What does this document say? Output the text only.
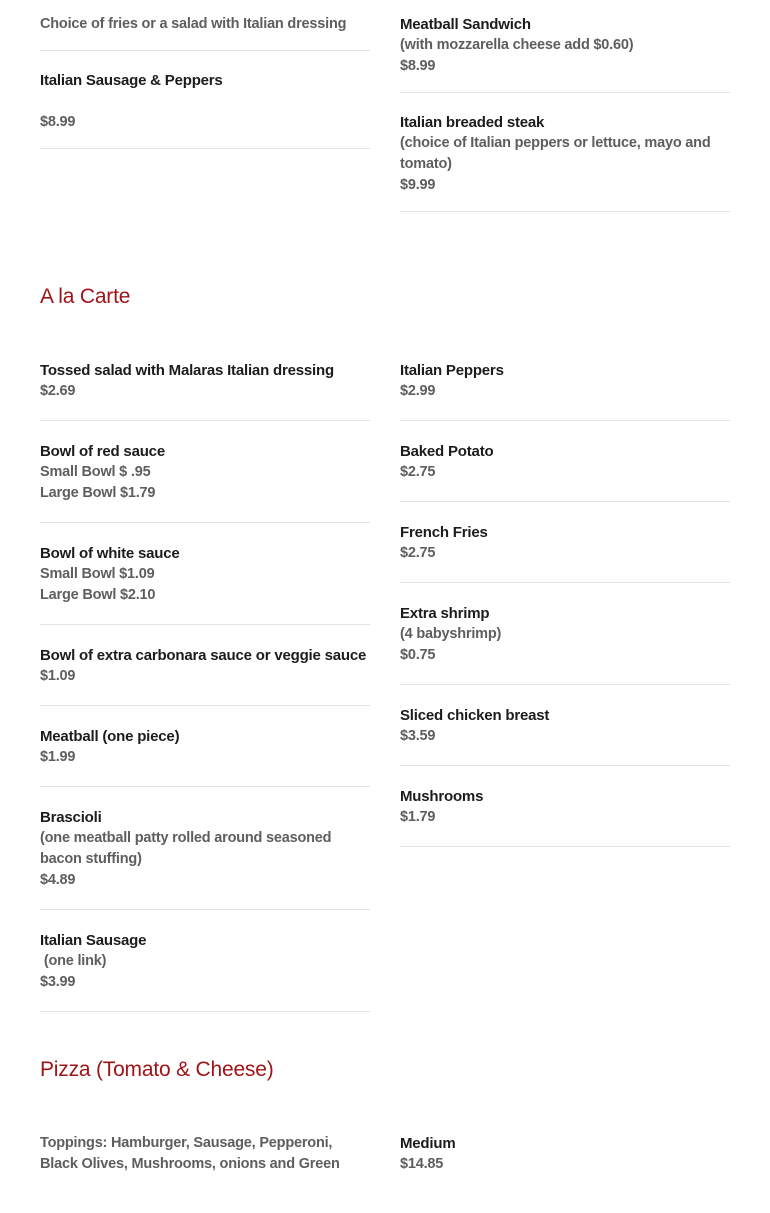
Choice of fries or a salad with Italian dressing
Italian Sausage & Peppers
$8.99
Meatball Sandwich
(with mozzarella cheese add $0.60)
$8.99
Italian breaded steak
(choice of Italian peppers or lettuce, mayo and tomato)
$9.99
A la Carte
Tossed salad with Malaras Italian dressing
$2.69
Bowl of red sauce
Small Bowl $ .95
Large Bowl $1.79
Bowl of white sauce
Small Bowl $1.09
Large Bowl $2.10
Bowl of extra carbonara sauce or veggie sauce
$1.09
Meatball (one piece)
$1.99
Brascioli
(one meatball patty rolled around seasoned bacon stuffing)
$4.89
Italian Sausage
(one link)
$3.99
Italian Peppers
$2.99
Baked Potato
$2.75
French Fries
$2.75
Extra shrimp
(4 babyshrimp)
$0.75
Sliced chicken breast
$3.59
Mushrooms
$1.79
Pizza (Tomato & Cheese)
Toppings: Hamburger, Sausage, Pepperoni, Black Olives, Mushrooms, onions and Green
Medium
$14.85
